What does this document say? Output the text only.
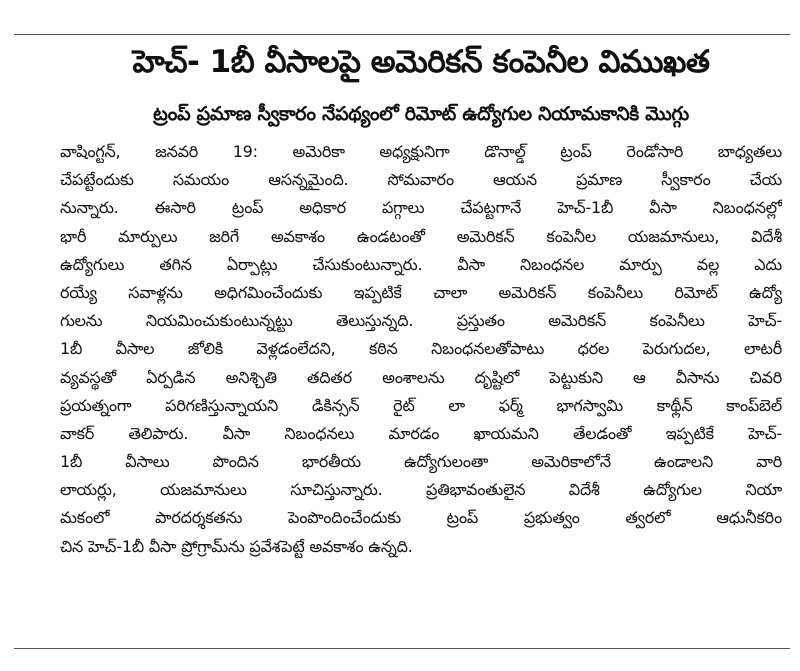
హెచ్‌- 1బీ వీసాలపై అమెరికన్‌ కంపెనీల విముఖత
ట్రంప్‌ ప్రమాణ స్వీకారం నేపథ్యంలో రిమోట్‌ ఉద్యోగుల నియామకానికి మొగ్గు
వాషింగ్టన్‌, జనవరి 19: అమెరికా అధ్యక్షునిగా డొనాల్డ్‌ ట్రంప్‌ రెండోసారి బాధ్యతలు
చేపట్టేందుకు సమయం ఆసన్నమైంది. సోమవారం ఆయన ప్రమాణ స్వీకారం చేయ
నున్నారు. ఈసారి ట్రంప్‌ అధికార పగ్గాలు చేపట్టగానే హెచ్‌-1బీ వీసా నిబంధనల్లో
భారీ మార్పులు జరిగే అవకాశం ఉండటంతో అమెరికన్‌ కంపెనీల యజమానులు, విదేశీ
ఉద్యోగులు తగిన ఏర్పాట్లు చేసుకుంటున్నారు. వీసా నిబంధనల మార్పు వల్ల ఎదు
రయ్యే సవాళ్లను అధిగమించేందుకు ఇప్పటికే చాలా అమెరికన్‌ కంపెనీలు రిమోట్‌ ఉద్యో
గులను నియమించుకుంటున్నట్టు తెలుస్తున్నది. ప్రస్తుతం అమెరికన్‌ కంపెనీలు హెచ్‌-
1బీ వీసాల జోలికి వెళ్లడంలేదని, కఠిన నిబంధనలతోపాటు ధరల పెరుగుదల, లాటరీ
వ్యవస్థతో ఏర్పడిన అనిశ్చితి తదితర అంశాలను దృష్టిలో పెట్టుకుని ఆ వీసాను చివరి
ప్రయత్నంగా పరిగణిస్తున్నాయని డికిన్సన్‌ రైట్‌ లా ఫర్మ్‌ భాగస్వామి కాథ్లీన్‌ కాంప్‌బెల్‌
వాకర్‌ తెలిపారు. వీసా నిబంధనలు మారడం ఖాయమని తేలడంతో ఇప్పటికే హెచ్‌-
1బీ వీసాలు పొందిన భారతీయ ఉద్యోగులంతా అమెరికాలోనే ఉండాలని వారి
లాయర్లు, యజమానులు సూచిస్తున్నారు. ప్రతిభావంతులైన విదేశీ ఉద్యోగుల నియా
మకంలో పారదర్శకతను పెంపొందించేందుకు ట్రంప్‌ ప్రభుత్వం త్వరలో ఆధునీకరిం
చిన హెచ్‌-1బీ వీసా ప్రోగ్రామ్‌ను ప్రవేశపెట్టే అవకాశం ఉన్నది.
